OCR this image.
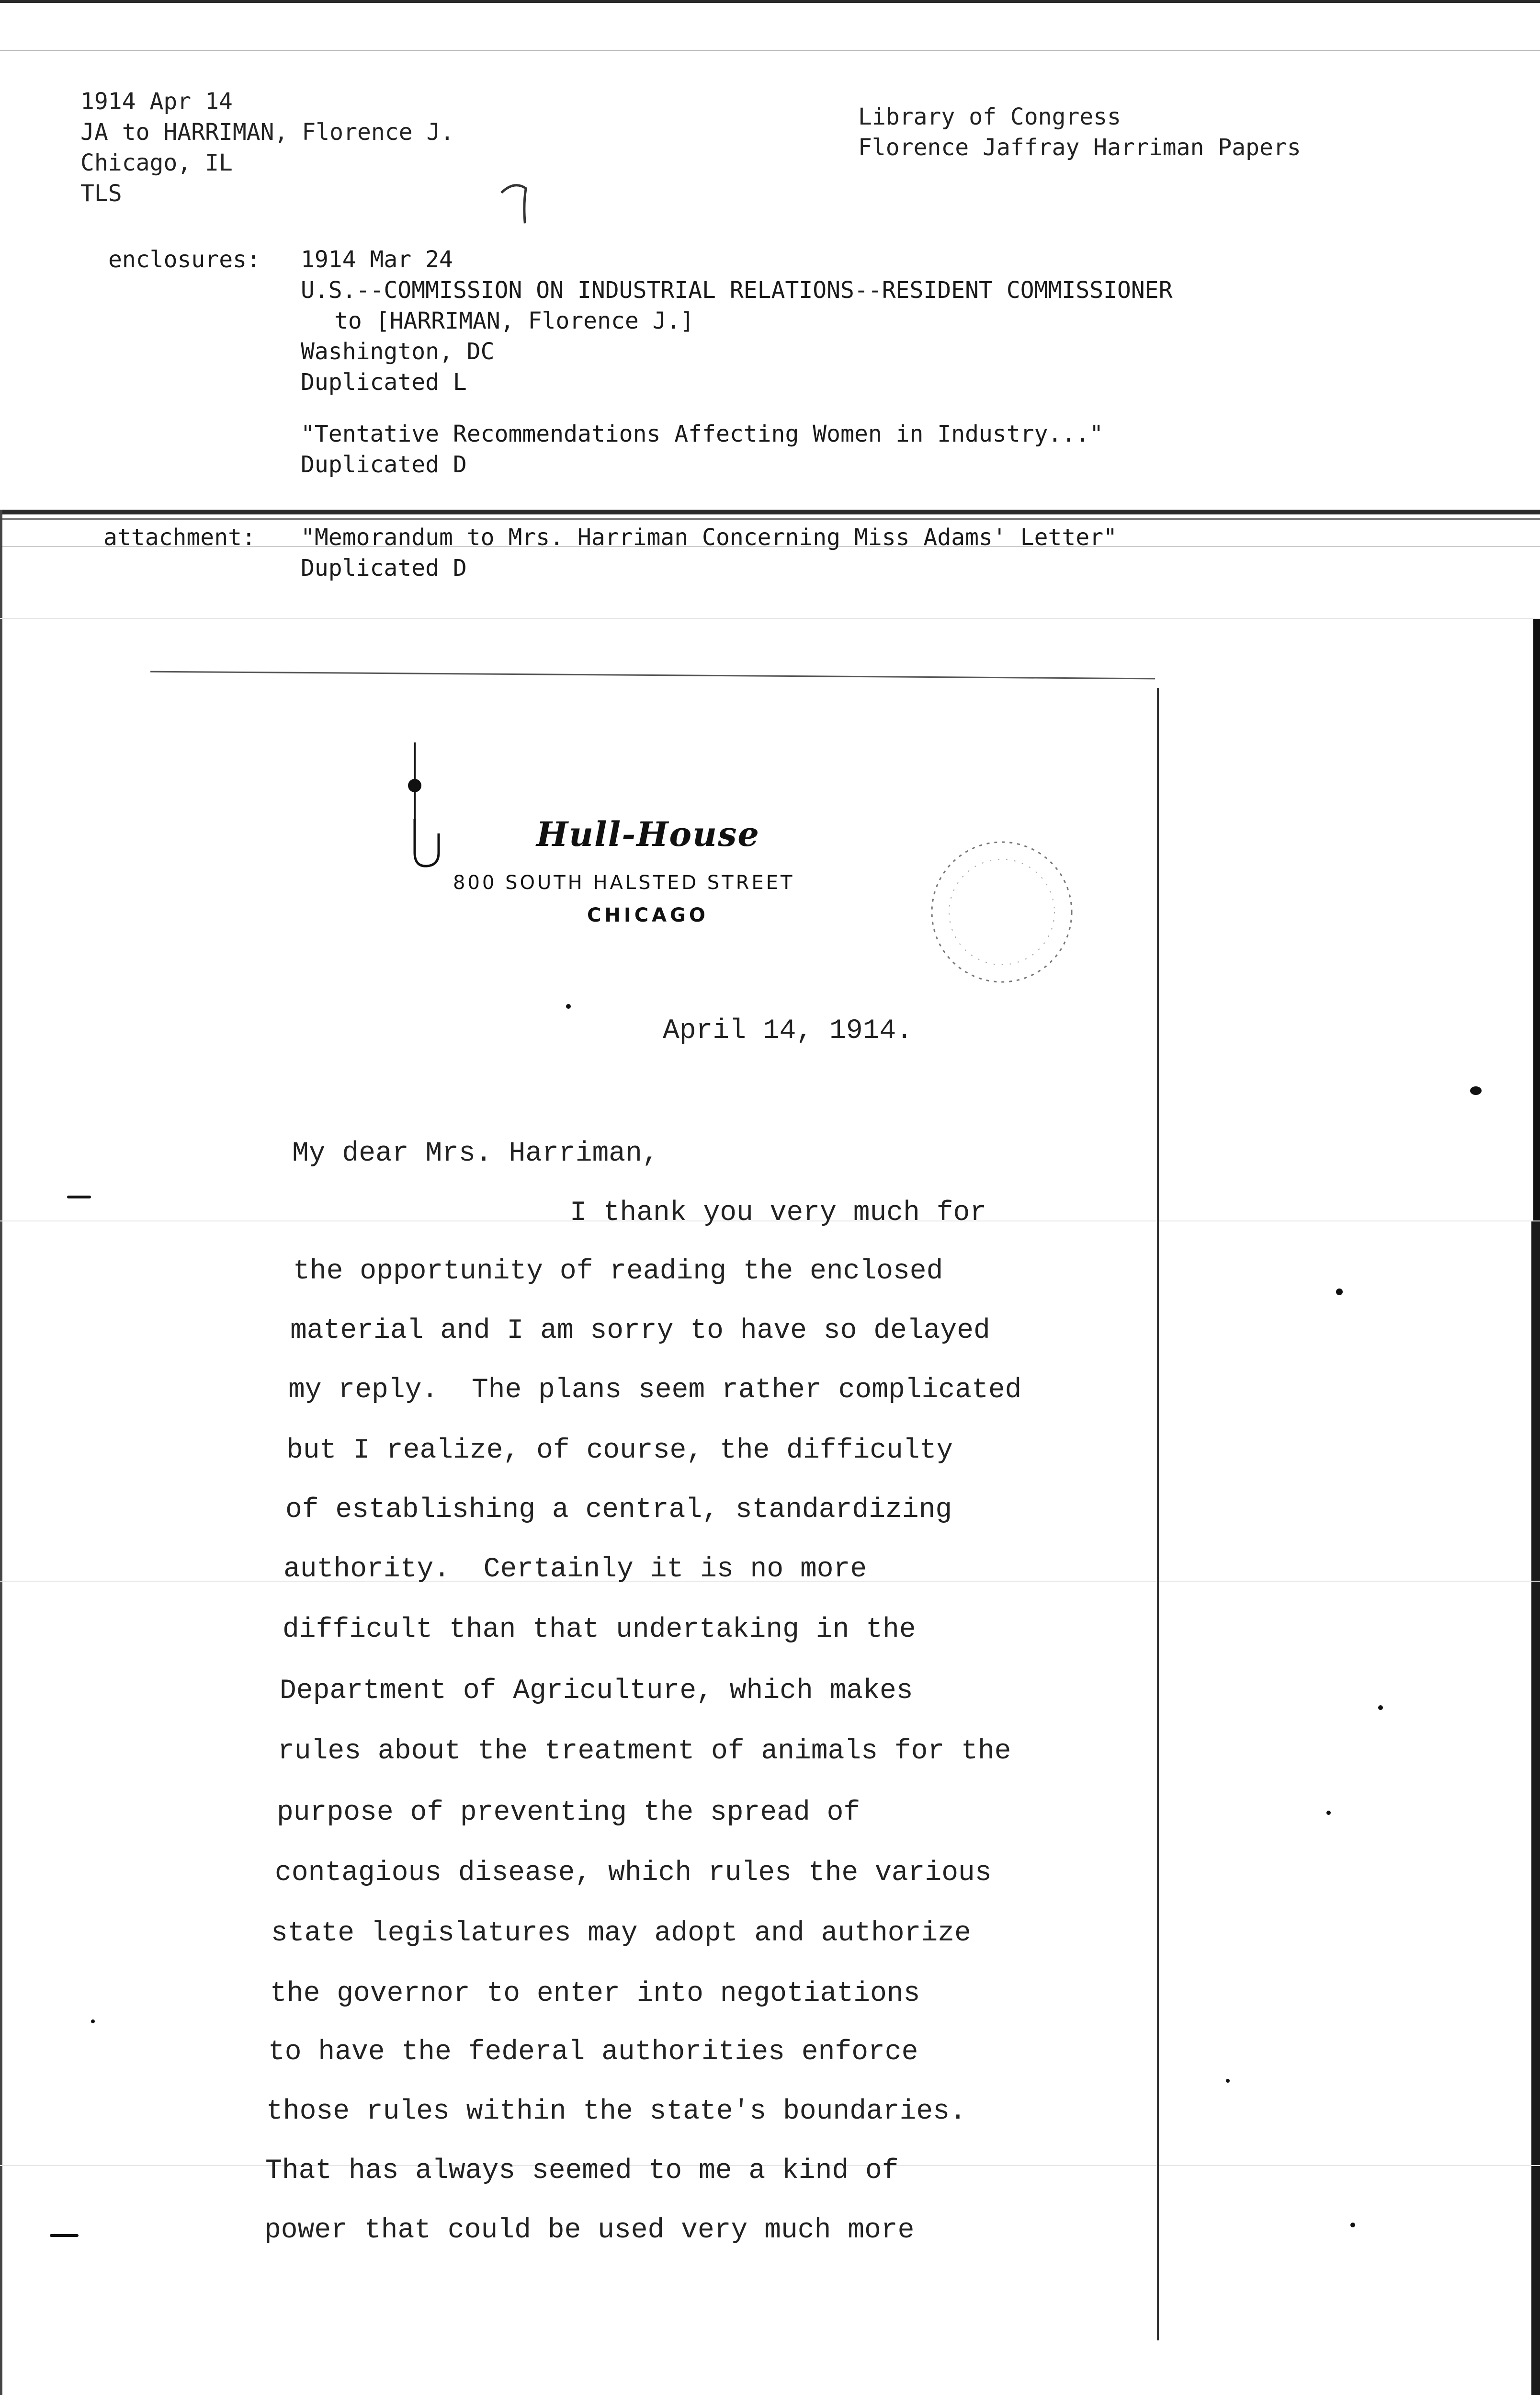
1914 Apr 14
JA to HARRIMAN, Florence J.
Chicago, IL
TLS
Library of Congress
Florence Jaffray Harriman Papers
enclosures: 1914 Mar 24
U.S.--COMMISSION ON INDUSTRIAL RELATIONS--RESIDENT COMMISSIONER
to [HARRIMAN, Florence J.]
Washington, DC
Duplicated L
"Tentative Recommendations Affecting Women in Industry..."
Duplicated D
attachment: "Memorandum to Mrs. Harriman Concerning Miss Adams' Letter"
Duplicated D
Hull-House
800 SOUTH HALSTED STREET
CHICAGO
April 14, 1914.
My dear Mrs. Harriman,
I thank you very much for
the opportunity of reading the enclosed
material and I am sorry to have so delayed
my reply.  The plans seem rather complicated
but I realize, of course, the difficulty
of establishing a central, standardizing
authority.  Certainly it is no more
difficult than that undertaking in the
Department of Agriculture, which makes
rules about the treatment of animals for the
purpose of preventing the spread of
contagious disease, which rules the various
state legislatures may adopt and authorize
the governor to enter into negotiations
to have the federal authorities enforce
those rules within the state's boundaries.
That has always seemed to me a kind of
power that could be used very much more
